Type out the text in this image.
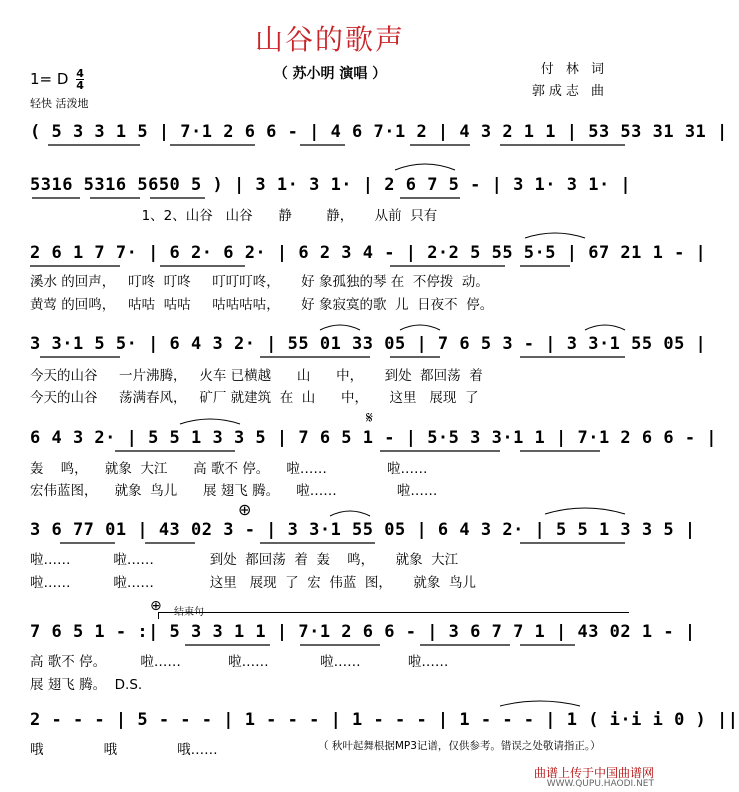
山谷的歌声
（ 苏小明 演唱 ）	付 林 词
郭成志 曲
1= D $\frac{4}{4}$
轻快 活泼地
( 5 3 3 1 5 | 7·1 2 6 6 - | 4 6 7·1 2 | 4 3 2 1 1 | 53 53 31 31 |
5316 5316 5650 5 ) | 3 1· 3 1· | 2 6 7 5 - | 3 1· 3 1· |
1、2、山谷   山谷      静        静，     从前  只有
2 6 1 7 7· | 6 2· 6 2· | 6 2 3 4 - | 2·2 5 55 5·5 | 67 21 1 - |
溪水 的回声，   叮咚  叮咚     叮叮叮咚，     好 象孤独的琴 在  不停拨  动。
黄莺 的回鸣，   咕咕  咕咕     咕咕咕咕，     好 象寂寞的歌  儿  日夜不  停。
3 3·1 5 5· | 6 4 3 2· | 55 01 33 05 | 7 6 5 3 - | 3 3·1 55 05 |
今天的山谷     一片沸腾，   火车 已横越      山      中，     到处  都回荡  着
今天的山谷     荡满春风，   矿厂 就建筑  在  山      中，     这里   展现  了
6 4 3 2· | 5 5 1 3 3 5 | 7 6 5 1 - | 5·5 3 3·1 1 | 7·1 2 6 6 - |
轰    鸣，    就象  大江      高 歌不 停。    啦……              啦……
宏伟蓝图，    就象  鸟儿      展 翅飞 腾。    啦……              啦……
3 6 77 01 | 43 02 3 - | 3 3·1 55 05 | 6 4 3 2· | 5 5 1 3 3 5 |
啦……          啦……             到处  都回荡  着  轰    鸣，     就象  大江
啦……          啦……             这里   展现  了  宏  伟蓝  图，     就象  鸟儿
结束句
7 6 5 1 - :| 5 3 3 1 1 | 7·1 2 6 6 - | 3 6 7 7 1 | 43 02 1 - |
高 歌不 停。        啦……           啦……            啦……           啦……
展 翅飞 腾。  D.S.
2 - - - | 5 - - - | 1 - - - | 1 - - - | 1 - - - | 1 ( i·i i 0 ) ||
哦              哦              哦……	（ 秋叶起舞根据MP3记谱，仅供参考。错误之处敬请指正。）
曲谱上传于中国曲谱网
WWW.QUPU.HAODI.NET
𝄋
⊕
⊕
